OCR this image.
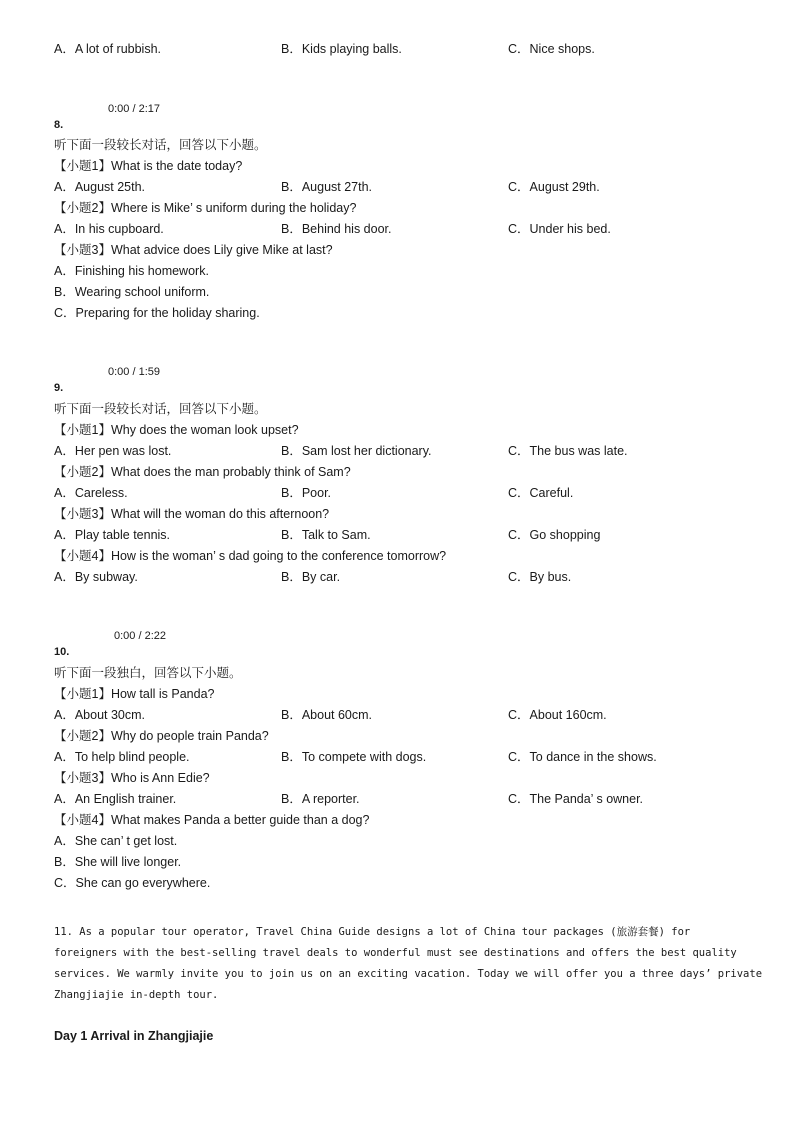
A．A lot of rubbish.	B．Kids playing balls.	C．Nice shops.
0:00 / 2:17
8.
听下面一段较长对话，回答以下小题。
【小题1】What is the date today?
A．August 25th.	B．August 27th.	C．August 29th.
【小题2】Where is Mike’ s uniform during the holiday?
A．In his cupboard.	B．Behind his door.	C．Under his bed.
【小题3】What advice does Lily give Mike at last?
A．Finishing his homework.
B．Wearing school uniform.
C．Preparing for the holiday sharing.
0:00 / 1:59
9.
听下面一段较长对话，回答以下小题。
【小题1】Why does the woman look upset?
A．Her pen was lost.	B．Sam lost her dictionary.	C．The bus was late.
【小题2】What does the man probably think of Sam?
A．Careless.	B．Poor.	C．Careful.
【小题3】What will the woman do this afternoon?
A．Play table tennis.	B．Talk to Sam.	C．Go shopping
【小题4】How is the woman’ s dad going to the conference tomorrow?
A．By subway.	B．By car.	C．By bus.
0:00 / 2:22
10.
听下面一段独白，回答以下小题。
【小题1】How tall is Panda?
A．About 30cm.	B．About 60cm.	C．About 160cm.
【小题2】Why do people train Panda?
A．To help blind people.	B．To compete with dogs.	C．To dance in the shows.
【小题3】Who is Ann Edie?
A．An English trainer.	B．A reporter.	C．The Panda’ s owner.
【小题4】What makes Panda a better guide than a dog?
A．She can’ t get lost.
B．She will live longer.
C．She can go everywhere.

11. As a popular tour operator, Travel China Guide designs a lot of China tour packages (旅游套餐) for

foreigners with the best-selling travel deals to wonderful must see destinations and offers the best quality

services. We warmly invite you to join us on an exciting vacation. Today we will offer you a three days’ private

Zhangjiajie in-depth tour.

Day 1 Arrival in Zhangjiajie
